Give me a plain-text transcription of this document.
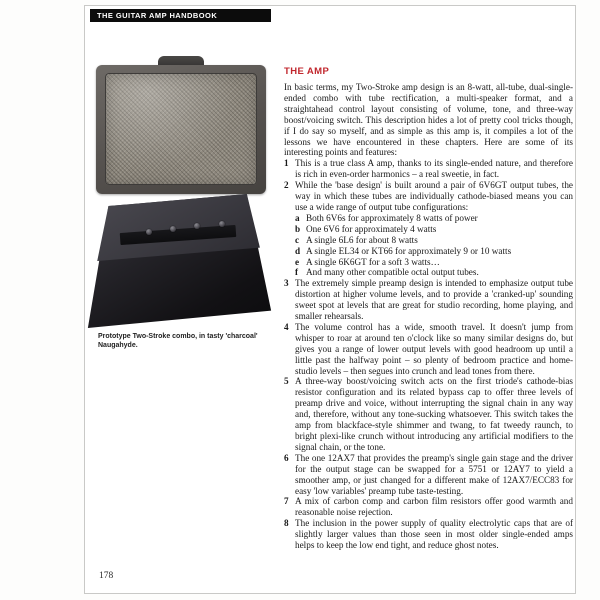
THE GUITAR AMP HANDBOOK
Prototype Two-Stroke combo, in tasty 'charcoal' Naugahyde.
THE AMP

In basic terms, my Two-Stroke amp design is an 8-watt, all-tube, dual-single-ended combo with tube rectification, a multi-speaker format, and a straightahead control layout consisting of volume, tone, and three-way boost/voicing switch. This description hides a lot of pretty cool tricks though, if I do say so myself, and as simple as this amp is, it compiles a lot of the lessons we have encountered in these chapters. Here are some of its interesting points and features:

1 This is a true class A amp, thanks to its single-ended nature, and therefore is rich in even-order harmonics – a real sweetie, in fact.

2 While the 'base design' is built around a pair of 6V6GT output tubes, the way in which these tubes are individually cathode-biased means you can use a wide range of output tube configurations:

a Both 6V6s for approximately 8 watts of power

b One 6V6 for approximately 4 watts

c A single 6L6 for about 8 watts

d A single EL34 or KT66 for approximately 9 or 10 watts

e A single 6K6GT for a soft 3 watts…

f And many other compatible octal output tubes.

3 The extremely simple preamp design is intended to emphasize output tube distortion at higher volume levels, and to provide a 'cranked-up' sounding sweet spot at levels that are great for studio recording, home playing, and smaller rehearsals.

4 The volume control has a wide, smooth travel. It doesn't jump from whisper to roar at around ten o'clock like so many similar designs do, but gives you a range of lower output levels with good headroom up until a little past the halfway point – so plenty of bedroom practice and home-studio levels – then segues into crunch and lead tones from there.

5 A three-way boost/voicing switch acts on the first triode's cathode-bias resistor configuration and its related bypass cap to offer three levels of preamp drive and voice, without interrupting the signal chain in any way and, therefore, without any tone-sucking whatsoever. This switch takes the amp from blackface-style shimmer and twang, to fat tweedy raunch, to bright plexi-like crunch without introducing any artificial modifiers to the signal chain, or the tone.

6 The one 12AX7 that provides the preamp's single gain stage and the driver for the output stage can be swapped for a 5751 or 12AY7 to yield a smoother amp, or just changed for a different make of 12AX7/ECC83 for easy 'low variables' preamp tube taste-testing.

7 A mix of carbon comp and carbon film resistors offer good warmth and reasonable noise rejection.

8 The inclusion in the power supply of quality electrolytic caps that are of slightly larger values than those seen in most older single-ended amps helps to keep the low end tight, and reduce ghost notes.

178
